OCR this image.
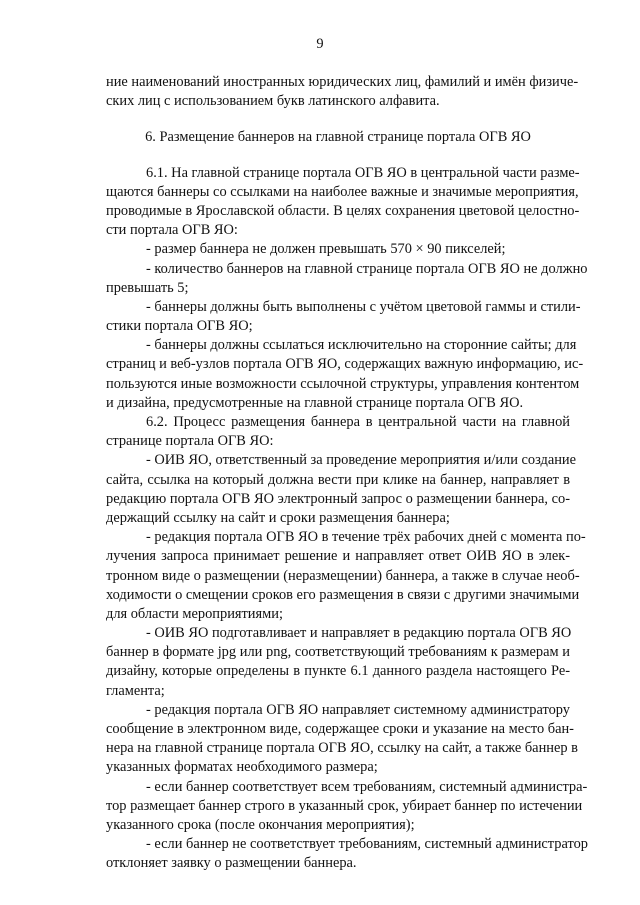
9
ние наименований иностранных юридических лиц, фамилий и имён физиче-
ских лиц с использованием букв латинского алфавита.
6. Размещение баннеров на главной странице портала ОГВ ЯО
6.1. На главной странице портала ОГВ ЯО в центральной части разме-
щаются баннеры со ссылками на наиболее важные и значимые мероприятия,
проводимые в Ярославской области. В целях сохранения цветовой целостно-
сти портала ОГВ ЯО:
- размер баннера не должен превышать 570 × 90 пикселей;
- количество баннеров на главной странице портала ОГВ ЯО не должно
превышать 5;
- баннеры должны быть выполнены с учётом цветовой гаммы и стили-
стики портала ОГВ ЯО;
- баннеры должны ссылаться исключительно на сторонние сайты; для
страниц и веб-узлов портала ОГВ ЯО, содержащих важную информацию, ис-
пользуются иные возможности ссылочной структуры, управления контентом
и дизайна, предусмотренные на главной странице портала ОГВ ЯО.
6.2. Процесс размещения баннера в центральной части на главной
странице портала ОГВ ЯО:
- ОИВ ЯО, ответственный за проведение мероприятия и/или создание
сайта, ссылка на который должна вести при клике на баннер, направляет в
редакцию портала ОГВ ЯО электронный запрос о размещении баннера, со-
держащий ссылку на сайт и сроки размещения баннера;
- редакция портала ОГВ ЯО в течение трёх рабочих дней с момента по-
лучения запроса принимает решение и направляет ответ ОИВ ЯО в элек-
тронном виде о размещении (неразмещении) баннера, а также в случае необ-
ходимости о смещении сроков его размещения в связи с другими значимыми
для области мероприятиями;
- ОИВ ЯО подготавливает и направляет в редакцию портала ОГВ ЯО
баннер в формате jpg или png, соответствующий требованиям к размерам и
дизайну, которые определены в пункте 6.1 данного раздела настоящего Ре-
гламента;
- редакция портала ОГВ ЯО направляет системному администратору
сообщение в электронном виде, содержащее сроки и указание на место бан-
нера на главной странице портала ОГВ ЯО, ссылку на сайт, а также баннер в
указанных форматах необходимого размера;
- если баннер соответствует всем требованиям, системный администра-
тор размещает баннер строго в указанный срок, убирает баннер по истечении
указанного срока (после окончания мероприятия);
- если баннер не соответствует требованиям, системный администратор
отклоняет заявку о размещении баннера.
